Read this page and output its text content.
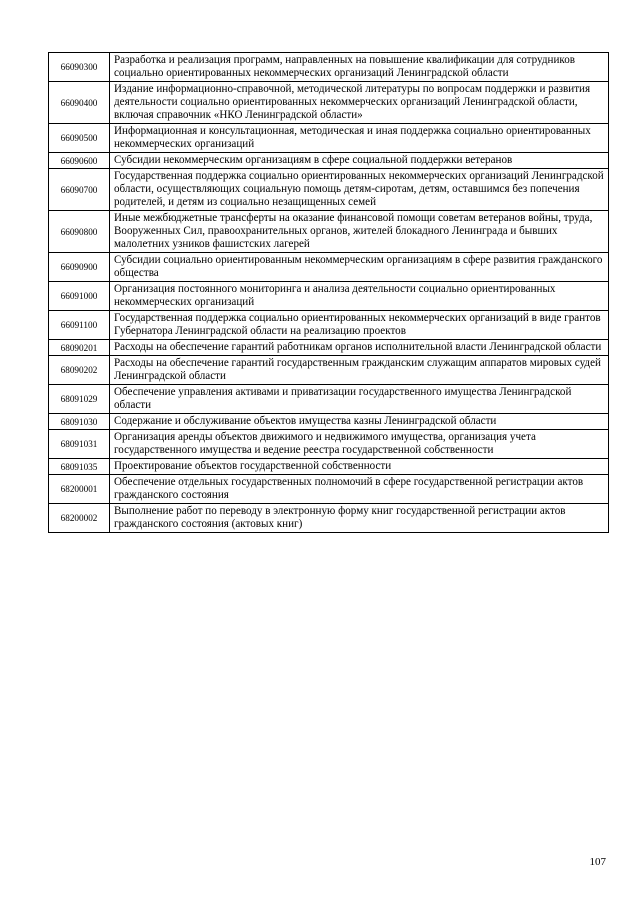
66090300	Разработка и реализация программ, направленных на повышение квалификации для сотрудников социально ориентированных некоммерческих организаций Ленинградской области
66090400	Издание информационно-справочной, методической литературы по вопросам поддержки и развития деятельности социально ориентированных некоммерческих организаций Ленинградской области, включая справочник «НКО Ленинградской области»
66090500	Информационная и консультационная, методическая и иная поддержка социально ориентированных некоммерческих организаций
66090600	Субсидии некоммерческим организациям в сфере социальной поддержки ветеранов
66090700	Государственная поддержка социально ориентированных некоммерческих организаций Ленинградской области, осуществляющих социальную помощь детям-сиротам, детям, оставшимся без попечения родителей, и детям из социально незащищенных семей
66090800	Иные межбюджетные трансферты на оказание финансовой помощи советам ветеранов войны, труда, Вооруженных Сил, правоохранительных органов, жителей блокадного Ленинграда и бывших малолетних узников фашистских лагерей
66090900	Субсидии социально ориентированным некоммерческим организациям в сфере развития гражданского общества
66091000	Организация постоянного мониторинга и анализа деятельности социально ориентированных некоммерческих организаций
66091100	Государственная поддержка социально ориентированных некоммерческих организаций в виде грантов Губернатора Ленинградской области на реализацию проектов
68090201	Расходы на обеспечение гарантий работникам органов исполнительной власти Ленинградской области
68090202	Расходы на обеспечение гарантий государственным гражданским служащим аппаратов мировых судей Ленинградской области
68091029	Обеспечение управления активами и приватизации государственного имущества Ленинградской области
68091030	Содержание и обслуживание объектов имущества казны Ленинградской области
68091031	Организация аренды объектов движимого и недвижимого имущества, организация учета государственного имущества и ведение реестра государственной собственности
68091035	Проектирование объектов государственной собственности
68200001	Обеспечение отдельных государственных полномочий в сфере государственной регистрации актов гражданского состояния
68200002	Выполнение работ по переводу в электронную форму книг государственной регистрации актов гражданского состояния (актовых книг)
107
